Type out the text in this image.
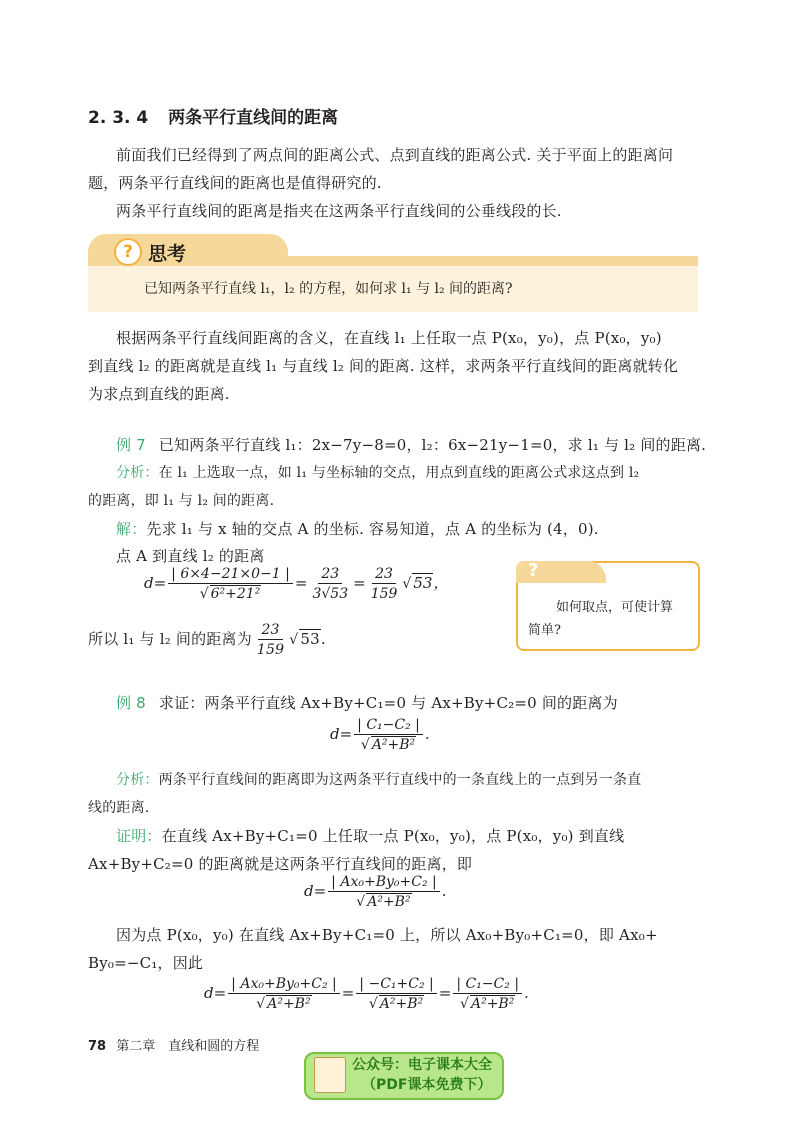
2. 3. 4 两条平行直线间的距离
前面我们已经得到了两点间的距离公式、点到直线的距离公式. 关于平面上的距离问
题，两条平行直线间的距离也是值得研究的.
两条平行直线间的距离是指夹在这两条平行直线间的公垂线段的长.
? 思考
已知两条平行直线 l₁，l₂ 的方程，如何求 l₁ 与 l₂ 间的距离?
根据两条平行直线间距离的含义，在直线 l₁ 上任取一点 P(x₀，y₀)，点 P(x₀，y₀)
到直线 l₂ 的距离就是直线 l₁ 与直线 l₂ 间的距离. 这样，求两条平行直线间的距离就转化
为求点到直线的距离.
例 7 已知两条平行直线 l₁：2x−7y−8=0，l₂：6x−21y−1=0，求 l₁ 与 l₂ 间的距离.
分析：在 l₁ 上选取一点，如 l₁ 与坐标轴的交点，用点到直线的距离公式求这点到 l₂
的距离，即 l₁ 与 l₂ 间的距离.
解：先求 l₁ 与 x 轴的交点 A 的坐标. 容易知道，点 A 的坐标为 (4，0).
点 A 到直线 l₂ 的距离
$d= \frac{| 6\times 4-21\times 0-1 |}{\text{√ 6²+21²}} = \frac{23}{3√53} = \frac{23}{159}$ √ 53，
所以 l₁ 与 l₂ 间的距离为 $\frac{23}{159}$ √ 53.
?
如何取点，可使计算
简单?
例 8 求证：两条平行直线 Ax+By+C₁=0 与 Ax+By+C₂=0 间的距离为
$d= \frac{\text{| C₁−C₂ |}}{\text{√ A²+B²}}$ .
分析：两条平行直线间的距离即为这两条平行直线中的一条直线上的一点到另一条直
线的距离.
证明：在直线 Ax+By+C₁=0 上任取一点 P(x₀，y₀)，点 P(x₀，y₀) 到直线
Ax+By+C₂=0 的距离就是这两条平行直线间的距离，即
$d= \frac{\text{| Ax₀+By₀+C₂ |}}{\text{√ A²+B²}}$ .
因为点 P(x₀，y₀) 在直线 Ax+By+C₁=0 上，所以 Ax₀+By₀+C₁=0，即 Ax₀+
By₀=−C₁，因此
$d= \frac{\text{| Ax₀+By₀+C₂ |}}{\text{√ A²+B²}} = \frac{\text{| −C₁+C₂ |}}{\text{√ A²+B²}} = \frac{\text{| C₁−C₂ |}}{\text{√ A²+B²}}$ .
78 第二章　直线和圆的方程
公众号：电子课本大全
（PDF课本免费下）
